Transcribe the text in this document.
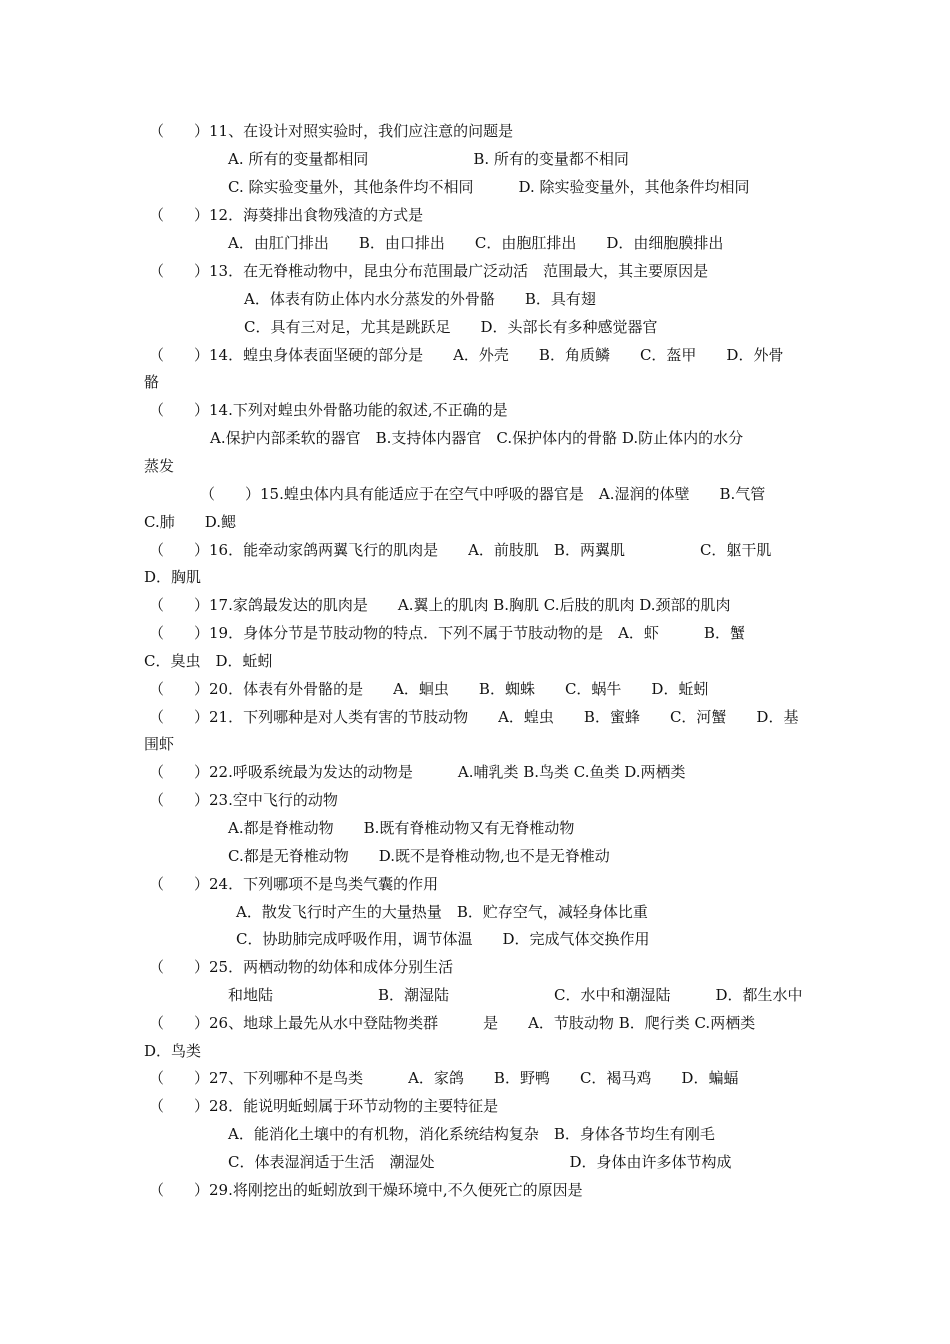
（　　）11、在设计对照实验时，我们应注意的问题是
A. 所有的变量都相同　　　　　　　B. 所有的变量都不相同
C. 除实验变量外，其他条件均不相同　　　D. 除实验变量外，其他条件均相同
（　　）12．海葵排出食物残渣的方式是
A．由肛门排出　　B．由口排出　　C．由胞肛排出　　D．由细胞膜排出
（　　）13．在无脊椎动物中，昆虫分布范围最广泛动活　范围最大，其主要原因是
A．体表有防止体内水分蒸发的外骨骼　　B．具有翅
C．具有三对足，尤其是跳跃足　　D．头部长有多种感觉器官
（　　）14．蝗虫身体表面坚硬的部分是　　A．外壳　　B．角质鳞　　C．盔甲　　D．外骨
骼
（　　）14.下列对蝗虫外骨骼功能的叙述,不正确的是
A.保护内部柔软的器官　B.支持体内器官　C.保护体内的骨骼 D.防止体内的水分
蒸发
（　　）15.蝗虫体内具有能适应于在空气中呼吸的器官是　A.湿润的体壁　　B.气管
C.肺　　D.鳃
（　　）16．能牵动家鸽两翼飞行的肌肉是　　A．前肢肌　B．两翼肌　　　　　C．躯干肌
D．胸肌
（　　）17.家鸽最发达的肌肉是　　A.翼上的肌肉 B.胸肌 C.后肢的肌肉 D.颈部的肌肉
（　　）19．身体分节是节肢动物的特点．下列不属于节肢动物的是　A．虾　　　B．蟹
C．臭虫　D．蚯蚓
（　　）20．体表有外骨骼的是　　A．蛔虫　　B．蜘蛛　　C．蜗牛　　D．蚯蚓
（　　）21．下列哪种是对人类有害的节肢动物　　A．蝗虫　　B．蜜蜂　　C．河蟹　　D．基
围虾
（　　）22.呼吸系统最为发达的动物是　　　A.哺乳类 B.鸟类 C.鱼类 D.两栖类
（　　）23.空中飞行的动物
A.都是脊椎动物　　B.既有脊椎动物又有无脊椎动物
C.都是无脊椎动物　　D.既不是脊椎动物,也不是无脊椎动
（　　）24．下列哪项不是鸟类气囊的作用
A．散发飞行时产生的大量热量　B．贮存空气，减轻身体比重
C．协助肺完成呼吸作用，调节体温　　D．完成气体交换作用
（　　）25．两栖动物的幼体和成体分别生活
和地陆　　　　　　　B．潮湿陆　　　　　　　C．水中和潮湿陆　　　D．都生水中
（　　）26、地球上最先从水中登陆物类群　　　是　　A．节肢动物 B．爬行类 C.两栖类
D．鸟类
（　　）27、下列哪种不是鸟类　　　A．家鸽　　B．野鸭　　C．褐马鸡　　D．蝙蝠
（　　）28．能说明蚯蚓属于环节动物的主要特征是
A．能消化土壤中的有机物，消化系统结构复杂　B．身体各节均生有刚毛
C．体表湿润适于生活　潮湿处　　　　　　　　　D．身体由许多体节构成
（　　）29.将刚挖出的蚯蚓放到干燥环境中,不久便死亡的原因是
